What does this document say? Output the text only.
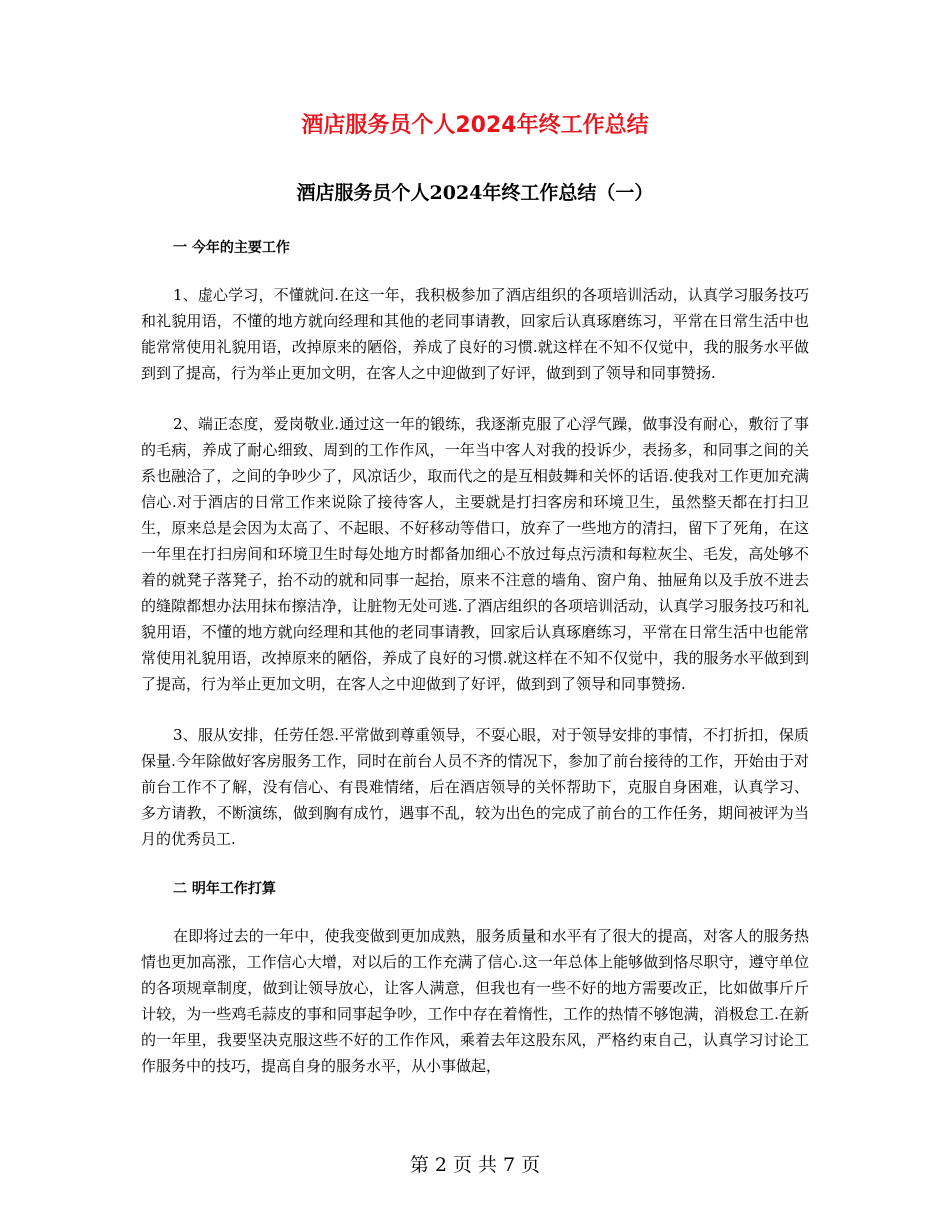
酒店服务员个人2024年终工作总结
酒店服务员个人2024年终工作总结（一）
一 今年的主要工作

1、虚心学习，不懂就问.在这一年，我积极参加了酒店组织的各项培训活动，认真学习服务技巧和礼貌用语，不懂的地方就向经理和其他的老同事请教，回家后认真琢磨练习，平常在日常生活中也能常常使用礼貌用语，改掉原来的陋俗，养成了良好的习惯.就这样在不知不仅觉中，我的服务水平做到到了提高，行为举止更加文明，在客人之中迎做到了好评，做到到了领导和同事赞扬.

2、端正态度，爱岗敬业.通过这一年的锻练，我逐渐克服了心浮气躁，做事没有耐心，敷衍了事的毛病，养成了耐心细致、周到的工作作风，一年当中客人对我的投诉少，表扬多，和同事之间的关系也融洽了，之间的争吵少了，风凉话少，取而代之的是互相鼓舞和关怀的话语.使我对工作更加充满信心.对于酒店的日常工作来说除了接待客人，主要就是打扫客房和环境卫生，虽然整天都在打扫卫生，原来总是会因为太高了、不起眼、不好移动等借口，放弃了一些地方的清扫，留下了死角，在这一年里在打扫房间和环境卫生时每处地方时都备加细心不放过每点污渍和每粒灰尘、毛发，高处够不着的就凳子落凳子，抬不动的就和同事一起抬，原来不注意的墙角、窗户角、抽屉角以及手放不进去的缝隙都想办法用抹布擦洁净，让脏物无处可逃.了酒店组织的各项培训活动，认真学习服务技巧和礼貌用语，不懂的地方就向经理和其他的老同事请教，回家后认真琢磨练习，平常在日常生活中也能常常使用礼貌用语，改掉原来的陋俗，养成了良好的习惯.就这样在不知不仅觉中，我的服务水平做到到了提高，行为举止更加文明，在客人之中迎做到了好评，做到到了领导和同事赞扬.

3、服从安排，任劳任怨.平常做到尊重领导，不耍心眼，对于领导安排的事情，不打折扣，保质保量.今年除做好客房服务工作，同时在前台人员不齐的情况下，参加了前台接待的工作，开始由于对前台工作不了解，没有信心、有畏难情绪，后在酒店领导的关怀帮助下，克服自身困难，认真学习、多方请教，不断演练，做到胸有成竹，遇事不乱，较为出色的完成了前台的工作任务，期间被评为当月的优秀员工.

二 明年工作打算

在即将过去的一年中，使我变做到更加成熟，服务质量和水平有了很大的提高，对客人的服务热情也更加高涨，工作信心大增，对以后的工作充满了信心.这一年总体上能够做到恪尽职守，遵守单位的各项规章制度，做到让领导放心，让客人满意，但我也有一些不好的地方需要改正，比如做事斤斤计较，为一些鸡毛蒜皮的事和同事起争吵，工作中存在着惰性，工作的热情不够饱满，消极怠工.在新的一年里，我要坚决克服这些不好的工作作风，乘着去年这股东风，严格约束自己，认真学习讨论工作服务中的技巧，提高自身的服务水平，从小事做起，

第 2 页 共 7 页
